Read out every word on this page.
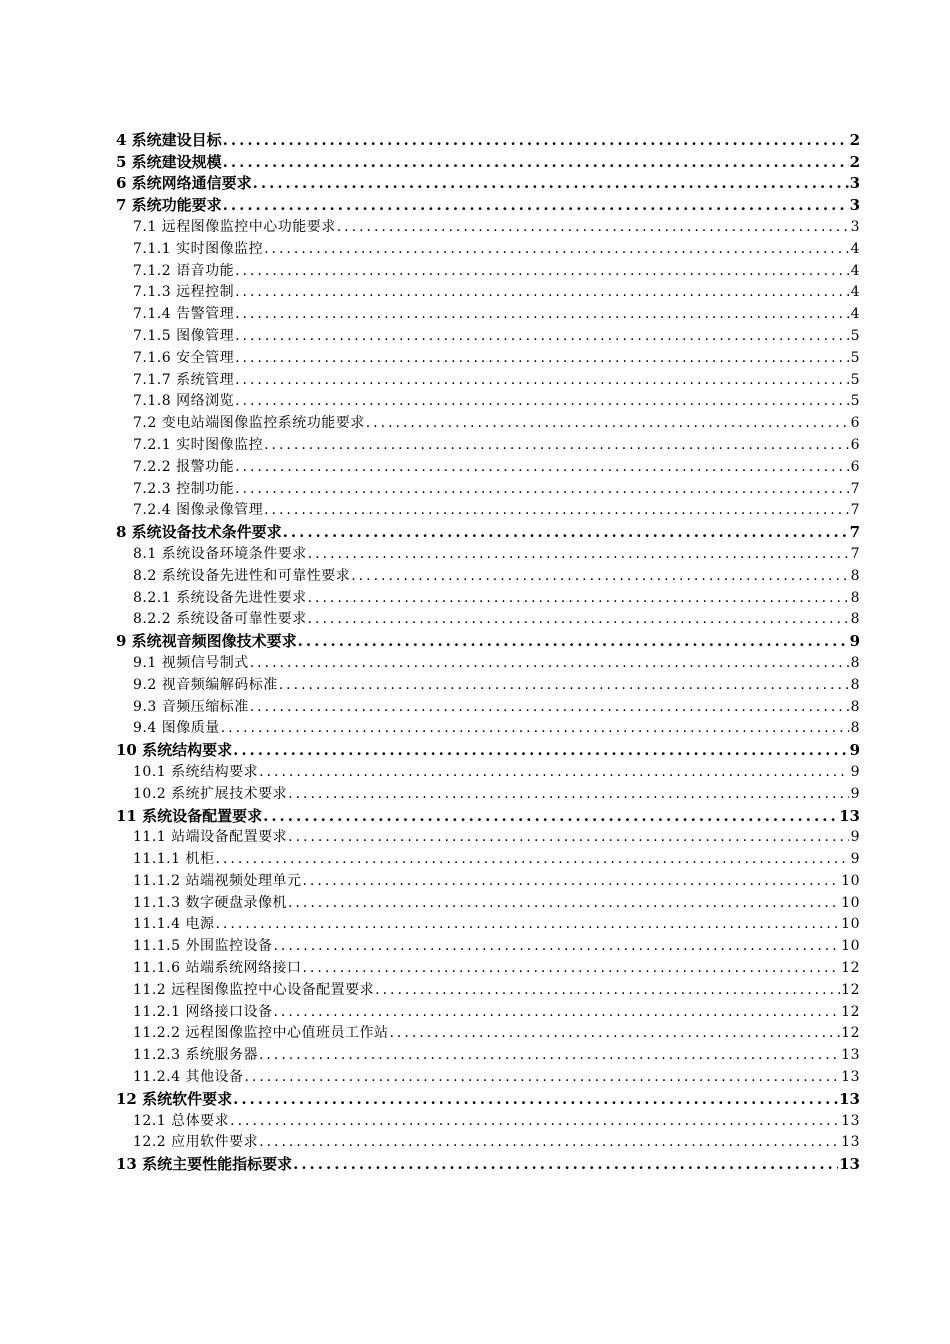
4 系统建设目标 .....	2
5 系统建设规模 .....	2
6 系统网络通信要求 .....	3
7 系统功能要求 .....	3
7.1 远程图像监控中心功能要求 .....	3
7.1.1 实时图像监控 .....	4
7.1.2 语音功能 .....	4
7.1.3 远程控制 .....	4
7.1.4 告警管理 .....	4
7.1.5 图像管理 .....	5
7.1.6 安全管理 .....	5
7.1.7 系统管理 .....	5
7.1.8 网络浏览 .....	5
7.2 变电站端图像监控系统功能要求 .....	6
7.2.1 实时图像监控 .....	6
7.2.2 报警功能 .....	6
7.2.3 控制功能 .....	7
7.2.4 图像录像管理 .....	7
8 系统设备技术条件要求 .....	7
8.1 系统设备环境条件要求 .....	7
8.2 系统设备先进性和可靠性要求 .....	8
8.2.1 系统设备先进性要求 .....	8
8.2.2 系统设备可靠性要求 .....	8
9 系统视音频图像技术要求 .....	9
9.1 视频信号制式 .....	8
9.2 视音频编解码标准 .....	8
9.3 音频压缩标准 .....	8
9.4 图像质量 .....	8
10 系统结构要求 .....	9
10.1 系统结构要求 .....	9
10.2 系统扩展技术要求 .....	9
11 系统设备配置要求 .....	13
11.1 站端设备配置要求 .....	9
11.1.1 机柜 .....	9
11.1.2 站端视频处理单元 .....	10
11.1.3 数字硬盘录像机 .....	10
11.1.4 电源 .....	10
11.1.5 外围监控设备 .....	10
11.1.6 站端系统网络接口 .....	12
11.2 远程图像监控中心设备配置要求 .....	12
11.2.1 网络接口设备 .....	12
11.2.2 远程图像监控中心值班员工作站 .....	12
11.2.3 系统服务器 .....	13
11.2.4 其他设备 .....	13
12 系统软件要求 .....	13
12.1 总体要求 .....	13
12.2 应用软件要求 .....	13
13 系统主要性能指标要求 .....	13
